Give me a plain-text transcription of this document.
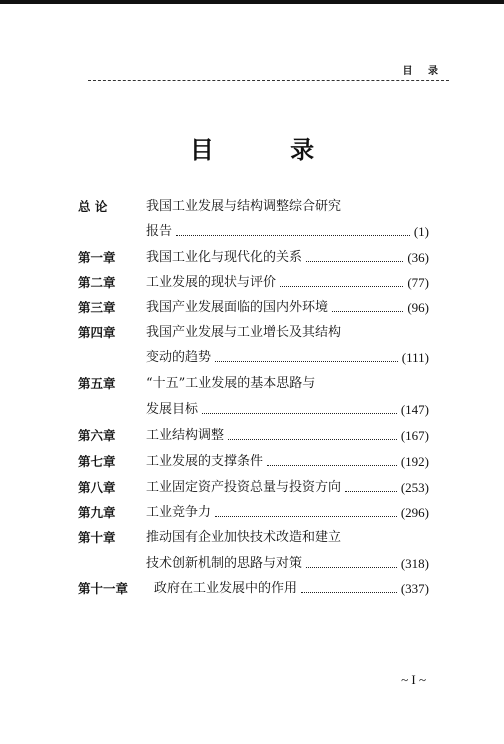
目 录
目 录
总 论	我国工业发展与结构调整综合研究
报告	(1)
第一章 我国工业化与现代化的关系	(36)
第二章 工业发展的现状与评价	(77)
第三章 我国产业发展面临的国内外环境	(96)
第四章 我国产业发展与工业增长及其结构
变动的趋势	(111)
第五章 “十五”工业发展的基本思路与
发展目标	(147)
第六章 工业结构调整	(167)
第七章 工业发展的支撑条件	(192)
第八章 工业固定资产投资总量与投资方向	(253)
第九章 工业竞争力	(296)
第十章 推动国有企业加快技术改造和建立
技术创新机制的思路与对策	(318)
第十一章 政府在工业发展中的作用	(337)
~ I ~
